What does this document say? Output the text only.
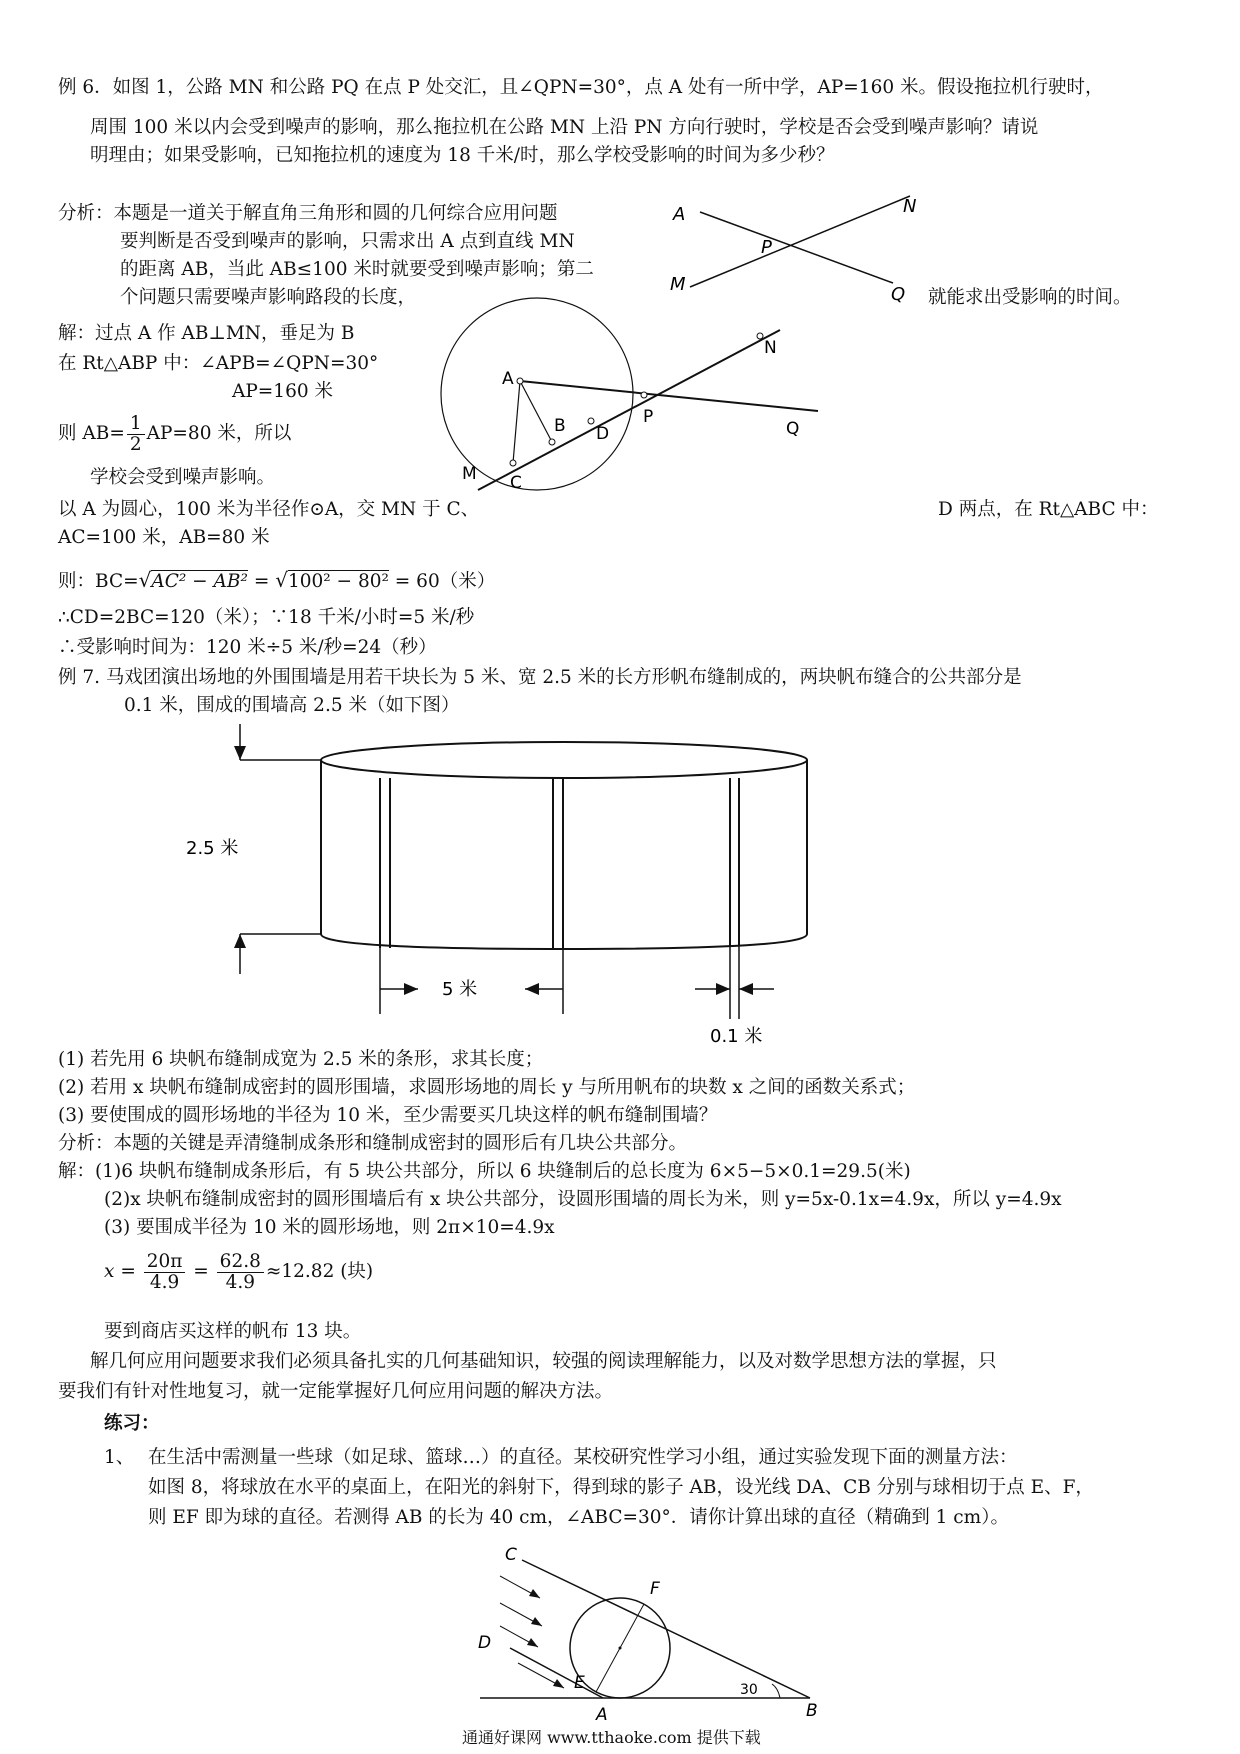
例 6．如图 1，公路 MN 和公路 PQ 在点 P 处交汇，且∠QPN=30°，点 A 处有一所中学，AP=160 米。假设拖拉机行驶时，
周围 100 米以内会受到噪声的影响，那么拖拉机在公路 MN 上沿 PN 方向行驶时，学校是否会受到噪声影响？请说
明理由；如果受影响，已知拖拉机的速度为 18 千米/时，那么学校受影响的时间为多少秒？
分析：本题是一道关于解直角三角形和圆的几何综合应用问题
要判断是否受到噪声的影响，只需求出 A 点到直线 MN
的距离 AB，当此 AB≤100 米时就要受到噪声影响；第二
个问题只需要噪声影响路段的长度，	就能求出受影响的时间。
A	N
P
M	Q
解：过点 A 作 AB⊥MN，垂足为 B
在 Rt△ABP 中：∠APB=∠QPN=30°
AP=160 米
则 $AB= \frac{1}{2} AP=80$ 米，所以
学校会受到噪声影响。
A
N
B D
P
Q
M C
以 A 为圆心，100 米为半径作⊙A，交 MN 于 C、	D 两点，在 Rt△ABC 中：
AC=100 米，AB=80 米
则：BC=√AC² − AB² = √100² − 80² = 60（米）
∴CD=2BC=120（米）；∵18 千米/小时=5 米/秒
∴受影响时间为：120 米÷5 米/秒=24（秒）
例 7. 马戏团演出场地的外围围墙是用若干块长为 5 米、宽 2.5 米的长方形帆布缝制成的，两块帆布缝合的公共部分是
0.1 米，围成的围墙高 2.5 米（如下图）
2.5 米
5 米
0.1 米
(1) 若先用 6 块帆布缝制成宽为 2.5 米的条形，求其长度；
(2) 若用 x 块帆布缝制成密封的圆形围墙，求圆形场地的周长 y 与所用帆布的块数 x 之间的函数关系式；
(3) 要使围成的圆形场地的半径为 10 米，至少需要买几块这样的帆布缝制围墙？
分析：本题的关键是弄清缝制成条形和缝制成密封的圆形后有几块公共部分。
解：(1)6 块帆布缝制成条形后，有 5 块公共部分，所以 6 块缝制后的总长度为 6×5−5×0.1=29.5(米)
(2)x 块帆布缝制成密封的圆形围墙后有 x 块公共部分，设圆形围墙的周长为米，则 y=5x-0.1x=4.9x，所以 y=4.9x
(3) 要围成半径为 10 米的圆形场地，则 2π×10=4.9x
$x = \frac{20\pi}{4.9} = \frac{62.8}{4.9} \approx 12.82$ (块)
要到商店买这样的帆布 13 块。
解几何应用问题要求我们必须具备扎实的几何基础知识，较强的阅读理解能力，以及对数学思想方法的掌握，只
要我们有针对性地复习，就一定能掌握好几何应用问题的解决方法。
练习：
1、 在生活中需测量一些球（如足球、篮球…）的直径。某校研究性学习小组，通过实验发现下面的测量方法：
如图 8，将球放在水平的桌面上，在阳光的斜射下，得到球的影子 AB，设光线 DA、CB 分别与球相切于点 E、F，
则 EF 即为球的直径。若测得 AB 的长为 40 cm，∠ABC=30°．请你计算出球的直径（精确到 1 cm）。
C
F
D
E
A
30
B
通通好课网 www.tthaoke.com 提供下载
